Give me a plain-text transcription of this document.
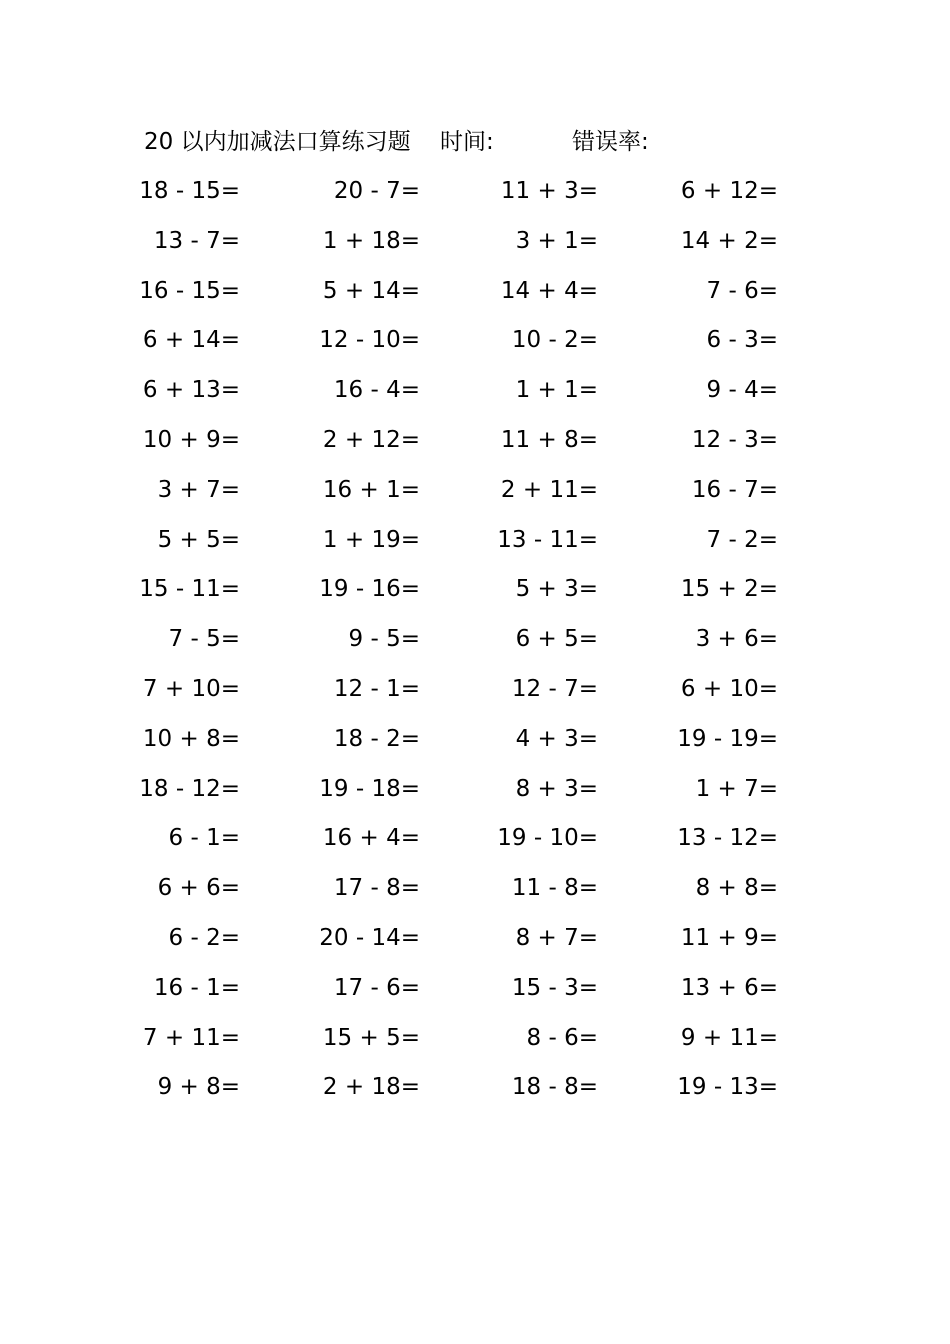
20 以内加减法口算练习题 时间:	错误率:
18 - 15=	20 - 7=	11 + 3=	6 + 12=
13 - 7=	1 + 18=	3 + 1=	14 + 2=
16 - 15=	5 + 14=	14 + 4=	7 - 6=
6 + 14=	12 - 10=	10 - 2=	6 - 3=
6 + 13=	16 - 4=	1 + 1=	9 - 4=
10 + 9=	2 + 12=	11 + 8=	12 - 3=
3 + 7=	16 + 1=	2 + 11=	16 - 7=
5 + 5=	1 + 19=	13 - 11=	7 - 2=
15 - 11=	19 - 16=	5 + 3=	15 + 2=
7 - 5=	9 - 5=	6 + 5=	3 + 6=
7 + 10=	12 - 1=	12 - 7=	6 + 10=
10 + 8=	18 - 2=	4 + 3=	19 - 19=
18 - 12=	19 - 18=	8 + 3=	1 + 7=
6 - 1=	16 + 4=	19 - 10=	13 - 12=
6 + 6=	17 - 8=	11 - 8=	8 + 8=
6 - 2=	20 - 14=	8 + 7=	11 + 9=
16 - 1=	17 - 6=	15 - 3=	13 + 6=
7 + 11=	15 + 5=	8 - 6=	9 + 11=
9 + 8=	2 + 18=	18 - 8=	19 - 13=
